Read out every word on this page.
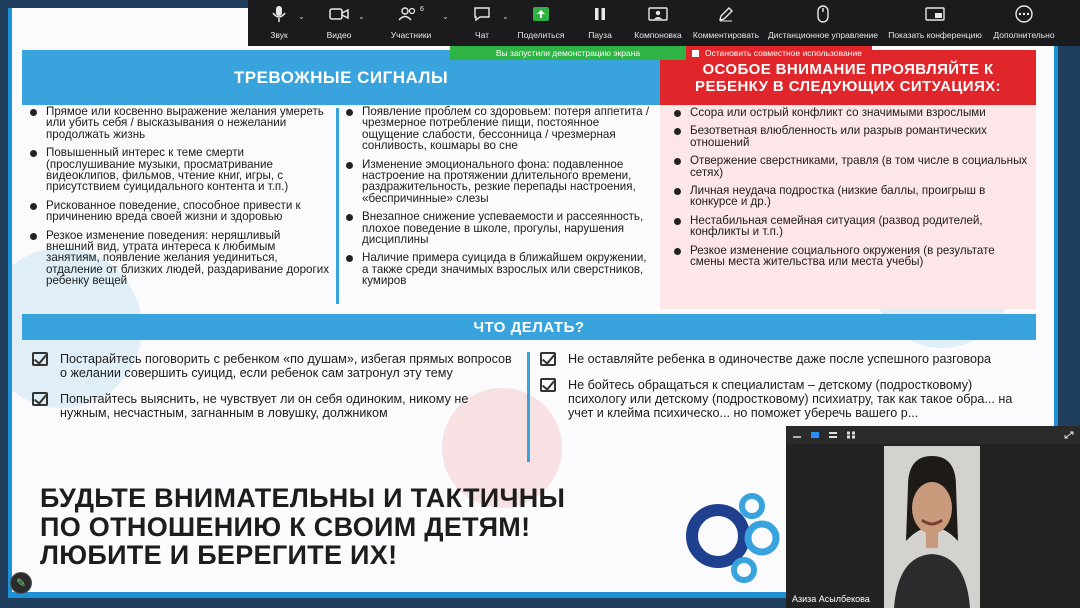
ТРЕВОЖНЫЕ СИГНАЛЫ	ОСОБОЕ ВНИМАНИЕ ПРОЯВЛЯЙТЕ К РЕБЕНКУ В СЛЕДУЮЩИХ СИТУАЦИЯХ:
Прямое или косвенно выражение желания умереть или убить себя / высказывания о нежелании продолжать жизнь
Повышенный интерес к теме смерти (прослушивание музыки, просматривание видеоклипов, фильмов, чтение книг, игры, с присутствием суицидального контента и т.п.)
Рискованное поведение, способное привести к причинению вреда своей жизни и здоровью
Резкое изменение поведения: неряшливый внешний вид, утрата интереса к любимым занятиям, появление желания уединиться, отдаление от близких людей, раздаривание дорогих ребенку вещей
Появление проблем со здоровьем: потеря аппетита / чрезмерное потребление пищи, постоянное ощущение слабости, бессонница / чрезмерная сонливость, кошмары во сне
Изменение эмоционального фона: подавленное настроение на протяжении длительного времени, раздражительность, резкие перепады настроения, «беспричинные» слезы
Внезапное снижение успеваемости и рассеянность, плохое поведение в школе, прогулы, нарушения дисциплины
Наличие примера суицида в ближайшем окружении, а также среди значимых взрослых или сверстников, кумиров
Ссора или острый конфликт со значимыми взрослыми
Безответная влюбленность или разрыв романтических отношений
Отвержение сверстниками, травля (в том числе в социальных сетях)
Личная неудача подростка (низкие баллы, проигрыш в конкурсе и др.)
Нестабильная семейная ситуация (развод родителей, конфликты и т.п.)
Резкое изменение социального окружения (в результате смены места жительства или места учебы)
ЧТО ДЕЛАТЬ?
Постарайтесь поговорить с ребенком «по душам», избегая прямых вопросов о желании совершить суицид, если ребенок сам затронул эту тему
Попытайтесь выяснить, не чувствует ли он себя одиноким, никому не нужным, несчастным, загнанным в ловушку, должником
Не оставляйте ребенка в одиночестве даже после успешного разговора
Не бойтесь обращаться к специалистам – детскому (подростковому) психологу или детскому (подростковому) психиатру, так как такое обра... на учет и клейма психическо... но поможет уберечь вашего р...
БУДЬТЕ ВНИМАТЕЛЬНЫ И ТАКТИЧНЫ
ПО ОТНОШЕНИЮ К СВОИМ ДЕТЯМ!
ЛЮБИТЕ И БЕРЕГИТЕ ИХ!
Звук
⌄
Видео
⌄
6
Участники
⌄
Чат
⌄
Поделиться	Пауза	Компоновка Комментировать Дистанционное управление Показать конференцию Дополнительно
Вы запустили демонстрацию экрана	Остановить совместное использование
Азиза Асылбекова
✎
